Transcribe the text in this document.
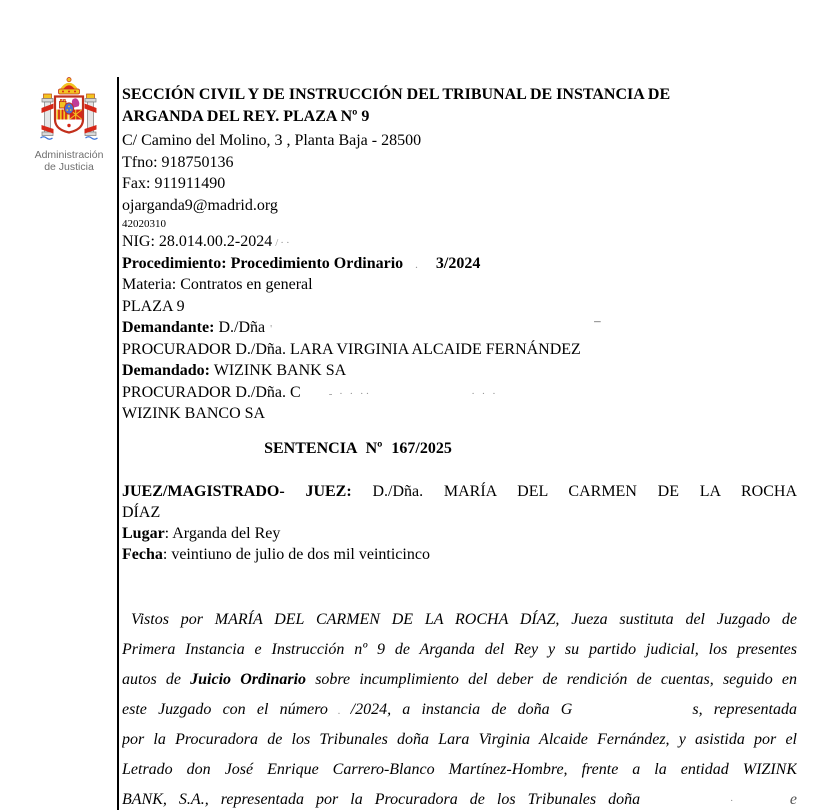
Administración
de Justicia
SECCIÓN CIVIL Y DE INSTRUCCIÓN DEL TRIBUNAL DE INSTANCIA DE
ARGANDA DEL REY. PLAZA Nº 9
C/ Camino del Molino, 3 , Planta Baja - 28500
Tfno: 918750136
Fax: 911911490
ojarganda9@madrid.org
42020310
NIG: 28.014.00.2-2024 /··
Procedimiento: Procedimiento Ordinario . 3/2024
Materia: Contratos en general
PLAZA 9
Demandante: D./Dña '–
PROCURADOR D./Dña. LARA VIRGINIA ALCAIDE FERNÁNDEZ
Demandado: WIZINK BANK SA
PROCURADOR D./Dña. C	- · · ··	· · ·
WIZINK BANCO SA
SENTENCIA Nº 167/2025
JUEZ/MAGISTRADO- JUEZ: D./Dña. MARÍA DEL CARMEN DE LA ROCHA
DÍAZ
Lugar: Arganda del Rey
Fecha: veintiuno de julio de dos mil veinticinco
Vistos por MARÍA DEL CARMEN DE LA ROCHA DÍAZ, Jueza sustituta del Juzgado de
Primera Instancia e Instrucción nº 9 de Arganda del Rey y su partido judicial, los presentes
autos de Juicio Ordinario sobre incumplimiento del deber de rendición de cuentas, seguido en
este Juzgado con el número . /2024, a instancia de doña G	s, representada
por la Procuradora de los Tribunales doña Lara Virginia Alcaide Fernández, y asistida por el
Letrado don José Enrique Carrero-Blanco Martínez-Hombre, frente a la entidad WIZINK
BANK, S.A., representada por la Procuradora de los Tribunales doña	·	e
